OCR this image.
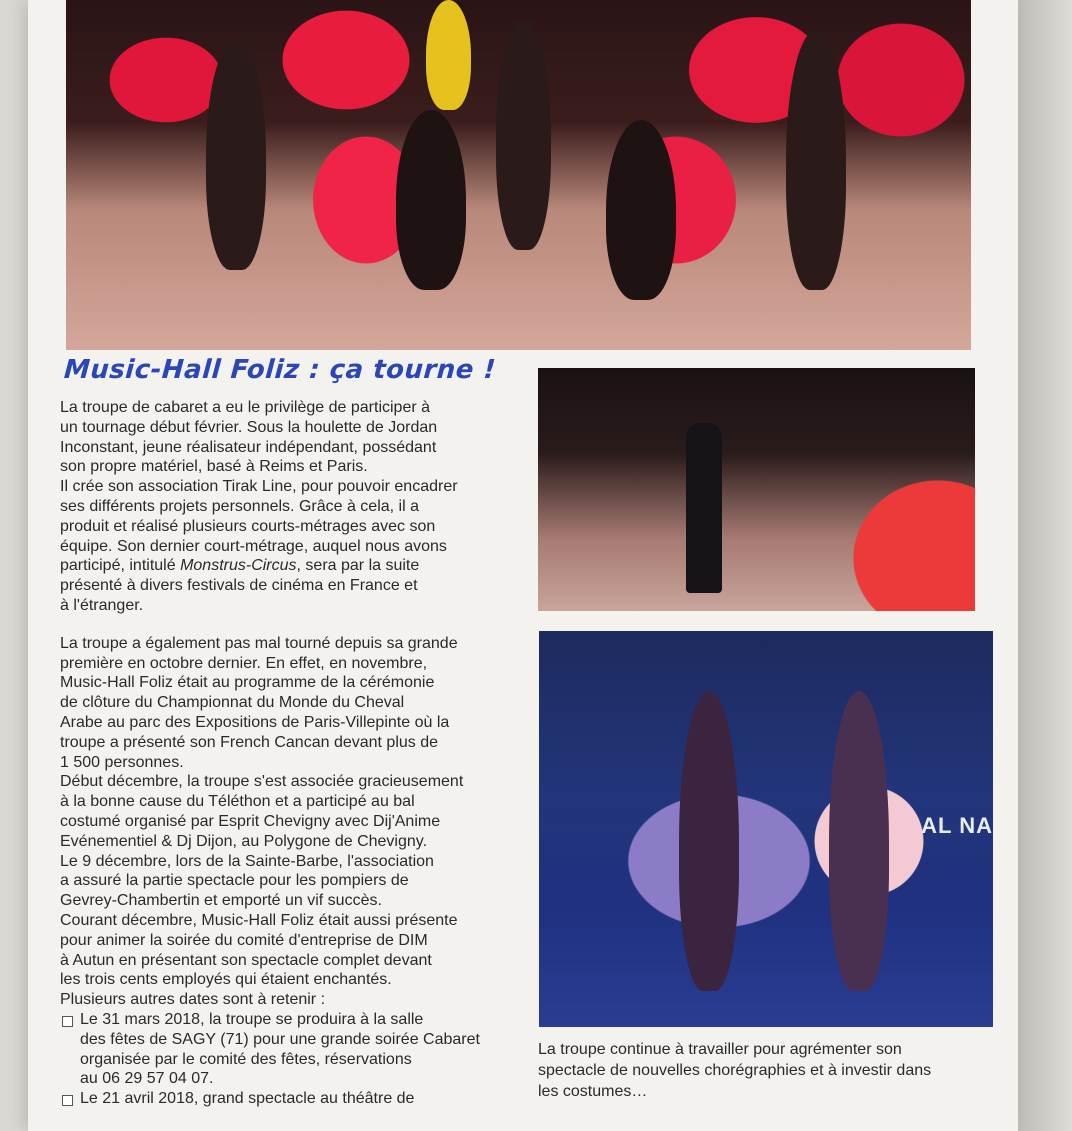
Music-Hall Foliz : ça tourne !

La troupe de cabaret a eu le privilège de participer à
un tournage début février. Sous la houlette de Jordan
Inconstant, jeune réalisateur indépendant, possédant
son propre matériel, basé à Reims et Paris.
Il crée son association Tirak Line, pour pouvoir encadrer
ses différents projets personnels. Grâce à cela, il a
produit et réalisé plusieurs courts-métrages avec son
équipe. Son dernier court-métrage, auquel nous avons
participé, intitulé Monstrus-Circus, sera par la suite
présenté à divers festivals de cinéma en France et
à l'étranger.

La troupe a également pas mal tourné depuis sa grande
première en octobre dernier. En effet, en novembre,
Music-Hall Foliz était au programme de la cérémonie
de clôture du Championnat du Monde du Cheval
Arabe au parc des Expositions de Paris-Villepinte où la
troupe a présenté son French Cancan devant plus de
1 500 personnes.
Début décembre, la troupe s'est associée gracieusement
à la bonne cause du Téléthon et a participé au bal
costumé organisé par Esprit Chevigny avec Dij'Anime
Evénementiel & Dj Dijon, au Polygone de Chevigny.
Le 9 décembre, lors de la Sainte-Barbe, l'association
a assuré la partie spectacle pour les pompiers de
Gevrey-Chambertin et emporté un vif succès.
Courant décembre, Music-Hall Foliz était aussi présente
pour animer la soirée du comité d'entreprise de DIM
à Autun en présentant son spectacle complet devant
les trois cents employés qui étaient enchantés.
Plusieurs autres dates sont à retenir :

Le 31 mars 2018, la troupe se produira à la salle
des fêtes de SAGY (71) pour une grande soirée Cabaret
organisée par le comité des fêtes, réservations
au 06 29 57 04 07.
Le 21 avril 2018, grand spectacle au théâtre de
AL NA
La troupe continue à travailler pour agrémenter son
spectacle de nouvelles chorégraphies et à investir dans
les costumes…
